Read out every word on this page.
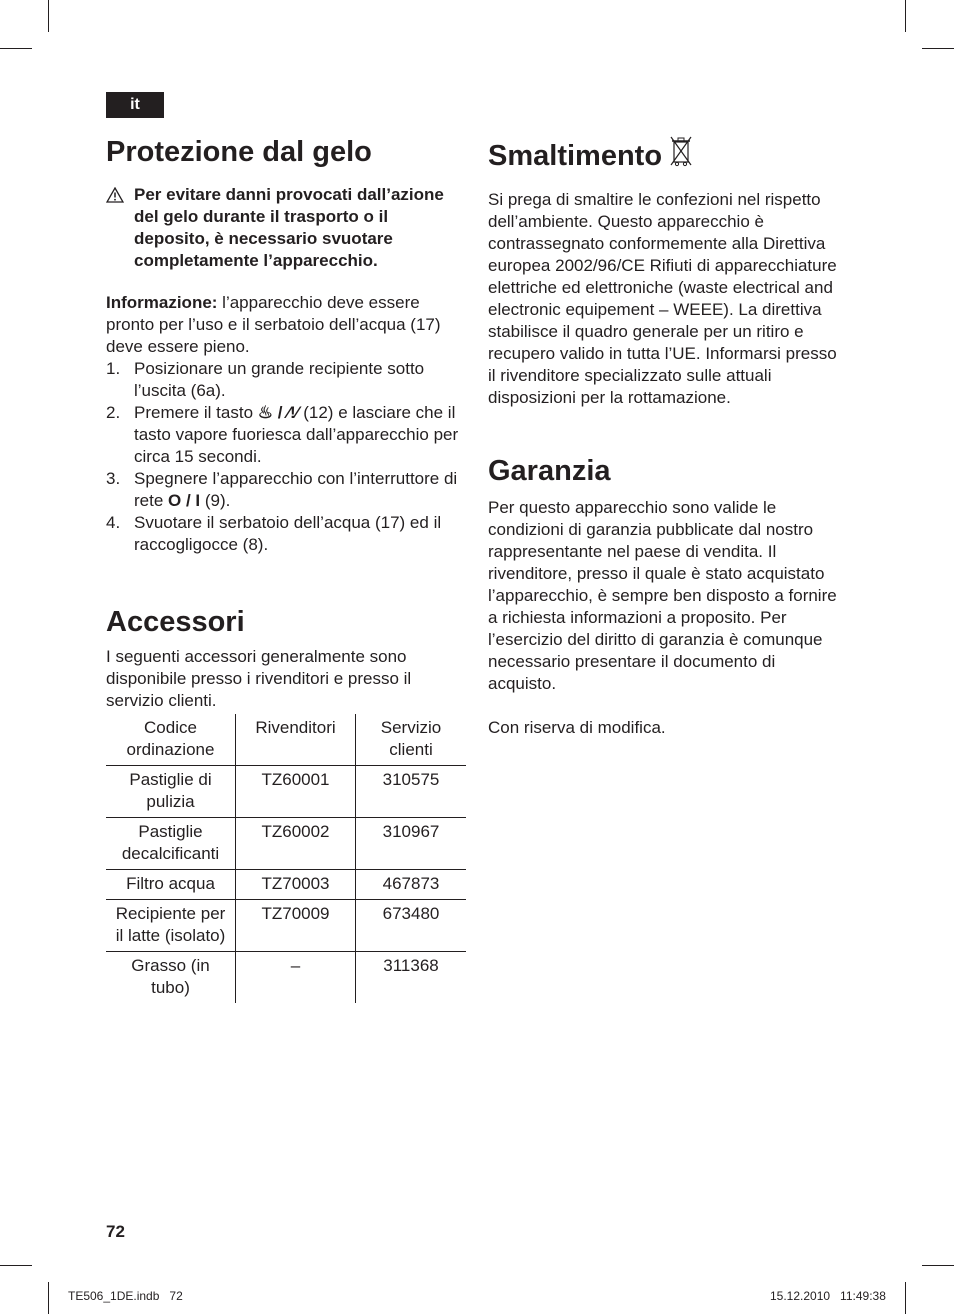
it
Protezione dal gelo

Per evitare danni provocati dall’azione del gelo durante il trasporto o il deposito, è necessario svuotare completamente l’apparecchio.

Informazione: l’apparecchio deve essere pronto per l’uso e il serbatoio dell’acqua (17) deve essere pieno.

1. Posizionare un grande recipiente sotto l’uscita (6a).
2. Premere il tasto ♨ / ⁄!⁄ (12) e lasciare che il tasto vapore fuoriesca dall’apparecchio per circa 15 secondi.
3. Spegnere l’apparecchio con l’interruttore di rete O / I (9).
4. Svuotare il serbatoio dell’acqua (17) ed il raccogligocce (8).
Accessori

I seguenti accessori generalmente sono disponibile presso i rivenditori e presso il servizio clienti.

Codice ordinazione	Rivenditori	Servizio clienti
Pastiglie di pulizia	TZ60001	310575
Pastiglie decalcificanti	TZ60002	310967
Filtro acqua	TZ70003	467873
Recipiente per il latte (isolato)	TZ70009	673480
Grasso (in tubo)	–	311368
Smaltimento

Si prega di smaltire le confezioni nel rispetto dell’ambiente. Questo apparecchio è contrassegnato conformemente alla Direttiva europea 2002/96/CE Rifiuti di apparecchiature elettriche ed elettroniche (waste electrical and electronic equipement – WEEE). La direttiva stabilisce il quadro generale per un ritiro e recupero valido in tutta l’UE. Informarsi presso il rivenditore specializzato sulle attuali disposizioni per la rottamazione.

Garanzia

Per questo apparecchio sono valide le condizioni di garanzia pubblicate dal nostro rappresentante nel paese di vendita. Il rivenditore, presso il quale è stato acquistato l’apparecchio, è sempre ben disposto a fornire a richiesta informazioni a proposito. Per l’esercizio del diritto di garanzia è comunque necessario presentare il documento di acquisto.

Con riserva di modifica.

72
TE506_1DE.indb   72	15.12.2010   11:49:38
